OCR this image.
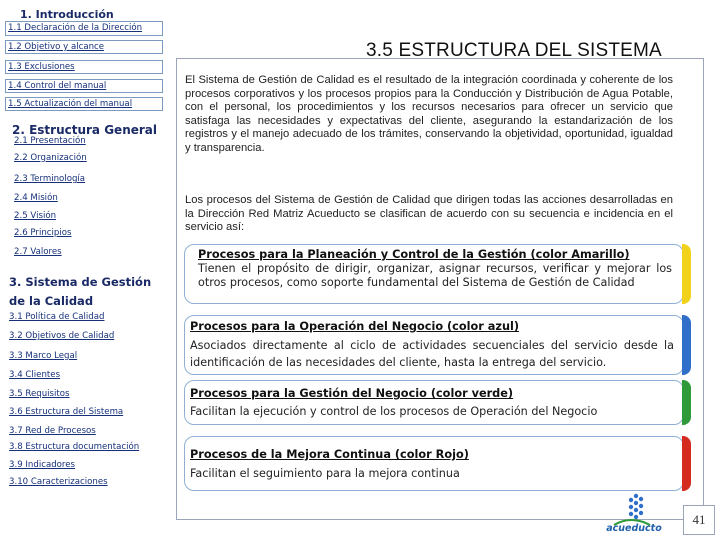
1. Introducción
1.1 Declaración de la Dirección
1.2 Objetivo y alcance
1.3 Exclusiones
1.4 Control del manual
1.5 Actualización del manual
2. Estructura General
2.1 Presentación
2.2 Organización
2.3 Terminología
2.4 Misión
2.5 Visión
2.6 Principios
2.7 Valores
3. Sistema de Gestión
de la Calidad
3.1 Política de Calidad
3.2 Objetivos de Calidad
3.3 Marco Legal
3.4 Clientes
3.5 Requisitos
3.6 Estructura del Sistema
3.7 Red de Procesos
3.8 Estructura documentación
3.9 Indicadores
3.10 Caracterizaciones
3.5 ESTRUCTURA DEL SISTEMA
El Sistema de Gestión de Calidad es el resultado de la integración coordinada y coherente de los procesos corporativos y los procesos propios para la Conducción y Distribución de Agua Potable, con el personal, los procedimientos y los recursos necesarios para ofrecer un servicio que satisfaga las necesidades y expectativas del cliente, asegurando la estandarización de los registros y el manejo adecuado de los trámites, conservando la objetividad, oportunidad, igualdad y transparencia.
Los procesos del Sistema de Gestión de Calidad que dirigen todas las acciones desarrolladas en la Dirección Red Matriz Acueducto se clasifican de acuerdo con su secuencia e incidencia en el servicio así:
Procesos para la Planeación y Control de la Gestión (color Amarillo)
Tienen el propósito de dirigir, organizar, asignar recursos, verificar y mejorar los otros procesos, como soporte fundamental del Sistema de Gestión de Calidad
Procesos para la Operación del Negocio (color azul)
Asociados directamente al ciclo de actividades secuenciales del servicio desde la identificación de las necesidades del cliente, hasta la entrega del servicio.
Procesos para la Gestión del Negocio (color verde)
Facilitan la ejecución y control de los procesos de Operación del Negocio
Procesos de la Mejora Continua (color Rojo)
Facilitan el seguimiento para la mejora continua
acueducto
41
